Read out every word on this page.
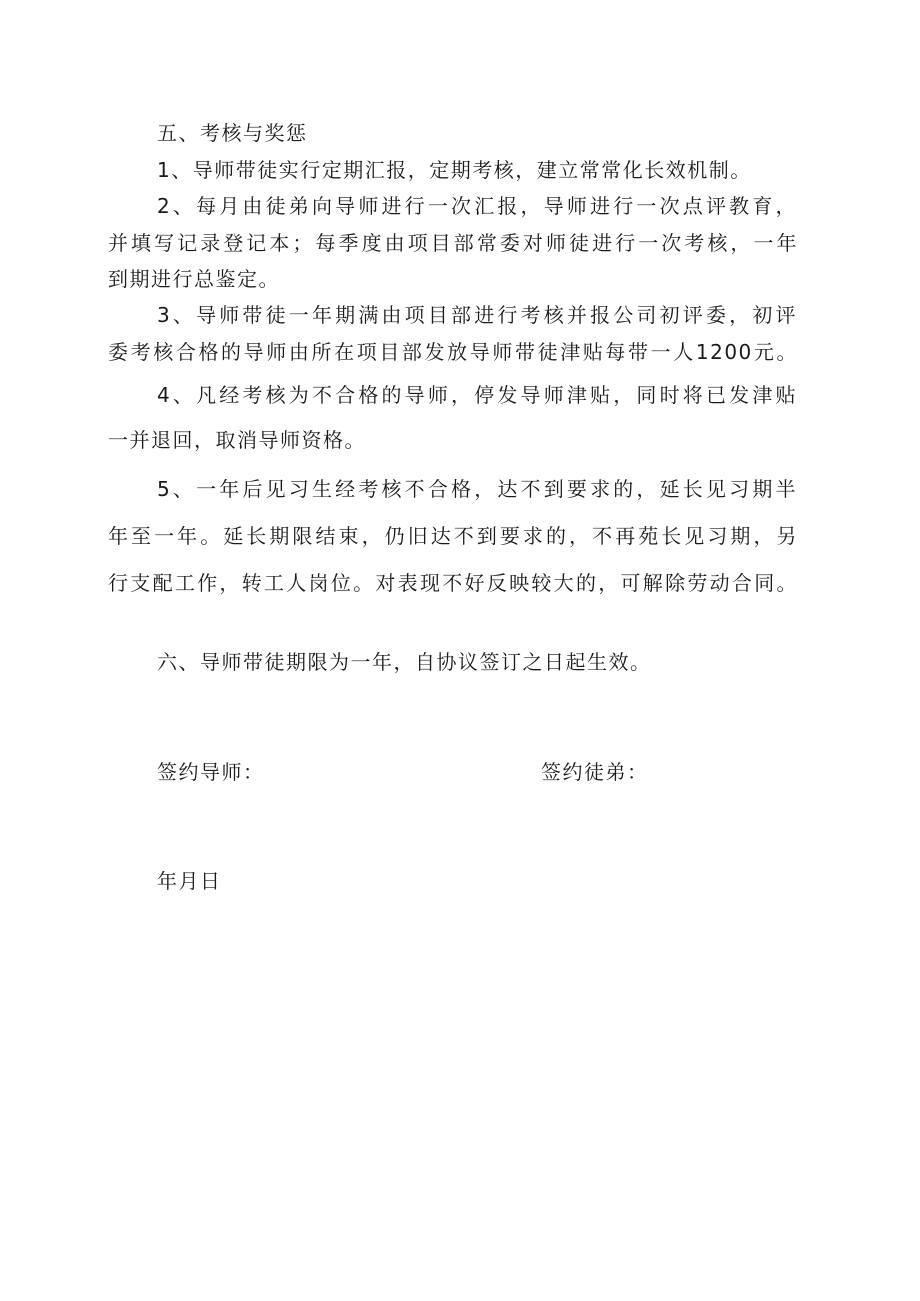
五、考核与奖惩
1、导师带徒实行定期汇报，定期考核，建立常常化长效机制。
2、每月由徒弟向导师进行一次汇报，导师进行一次点评教育，
并填写记录登记本；每季度由项目部常委对师徒进行一次考核，一年
到期进行总鉴定。
3、导师带徒一年期满由项目部进行考核并报公司初评委，初评
委考核合格的导师由所在项目部发放导师带徒津贴每带一人1200元。
4、凡经考核为不合格的导师，停发导师津贴，同时将已发津贴
一并退回，取消导师资格。
5、一年后见习生经考核不合格，达不到要求的，延长见习期半
年至一年。延长期限结束，仍旧达不到要求的，不再苑长见习期，另
行支配工作，转工人岗位。对表现不好反映较大的，可解除劳动合同。
六、导师带徒期限为一年，自协议签订之日起生效。
签约导师：	签约徒弟：
年月日
